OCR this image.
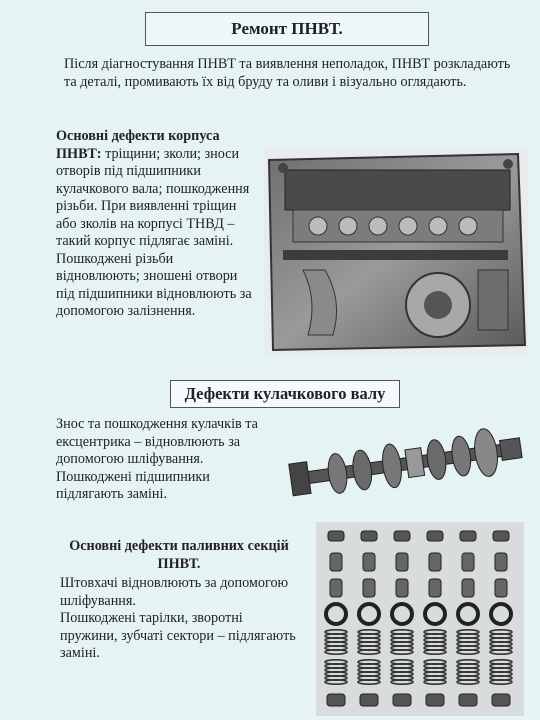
Ремонт ПНВТ.
Після діагностування ПНВТ та виявлення неполадок, ПНВТ розкладають та деталі, промивають їх від бруду та оливи і візуально оглядають.
Основні дефекти корпуса ПНВТ: тріщини; зколи; зноси отворів під підшипники кулачкового вала; пошкодження різьби. При виявленні тріщин або зколів на корпусі ТНВД – такий корпус підлягає заміні. Пошкоджені різьби відновлюють; зношені отвори під підшипники відновлюють за допомогою залізнення.
Дефекти кулачкового валу
Знос та пошкодження кулачків та ексцентрика – відновлюють за допомогою шліфування. Пошкоджені підшипники підлягають заміні.
Основні дефекти паливних секцій ПНВТ.
Штовхачі відновлюють за допомогою шліфування.
Пошкоджені тарілки, зворотні пружини, зубчаті сектори – підлягають заміні.
